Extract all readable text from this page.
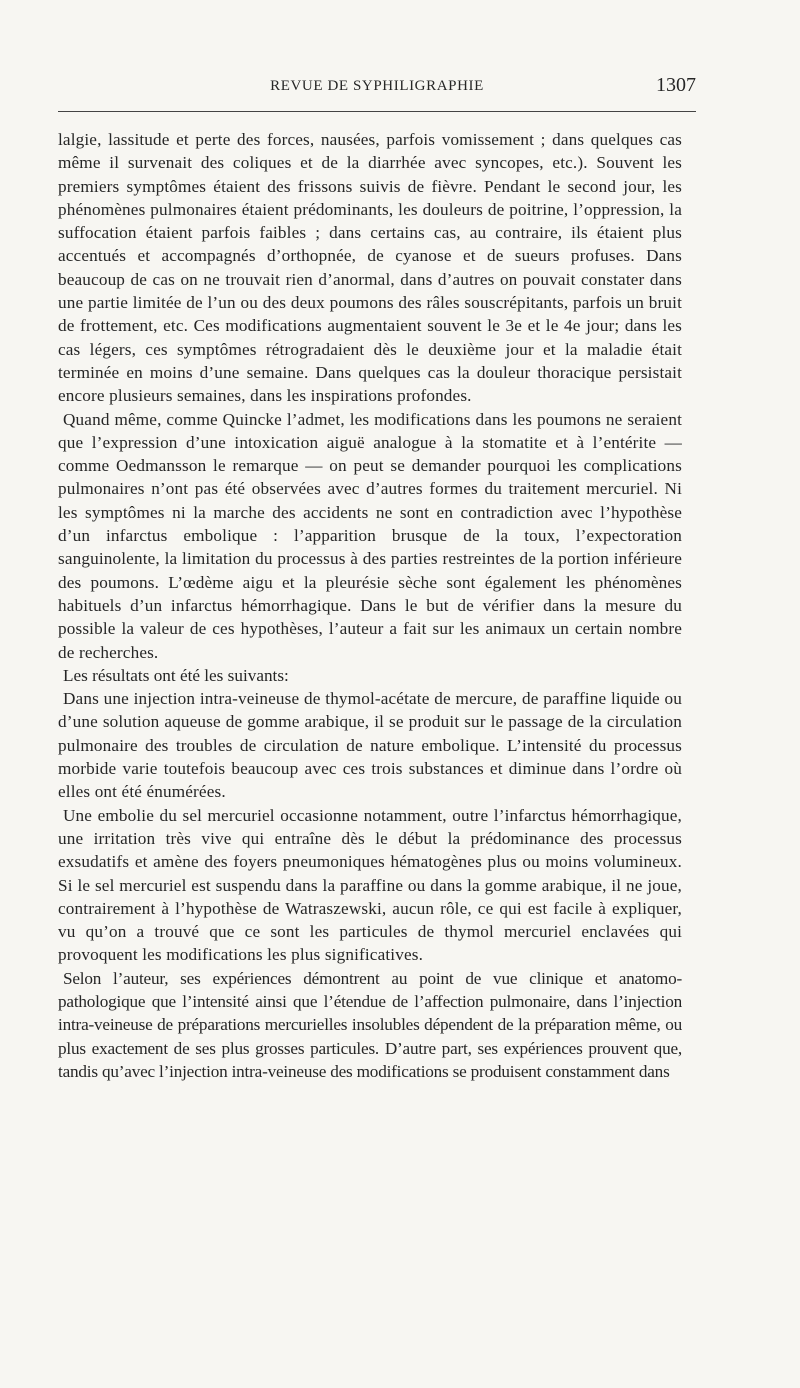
REVUE DE SYPHILIGRAPHIE	1307

lalgie, lassitude et perte des forces, nausées, parfois vomissement ; dans quelques cas même il survenait des coliques et de la diarrhée avec syncopes, etc.). Souvent les premiers symptômes étaient des frissons suivis de fièvre. Pendant le second jour, les phénomènes pulmonaires étaient prédominants, les douleurs de poitrine, l’oppression, la suffocation étaient parfois faibles ; dans certains cas, au contraire, ils étaient plus accentués et accompagnés d’orthopnée, de cyanose et de sueurs profuses. Dans beaucoup de cas on ne trouvait rien d’anormal, dans d’autres on pouvait constater dans une partie limitée de l’un ou des deux poumons des râles souscrépitants, parfois un bruit de frottement, etc. Ces modifications augmentaient souvent le 3e et le 4e jour; dans les cas légers, ces symptômes rétrogradaient dès le deuxième jour et la maladie était terminée en moins d’une semaine. Dans quelques cas la douleur thoracique persistait encore plusieurs semaines, dans les inspirations profondes.

Quand même, comme Quincke l’admet, les modifications dans les poumons ne seraient que l’expression d’une intoxication aiguë analogue à la stomatite et à l’entérite — comme Oedmansson le remarque — on peut se demander pourquoi les complications pulmonaires n’ont pas été observées avec d’autres formes du traitement mercuriel. Ni les symptômes ni la marche des accidents ne sont en contradiction avec l’hypothèse d’un infarctus embolique : l’apparition brusque de la toux, l’expectoration sanguinolente, la limitation du processus à des parties restreintes de la portion inférieure des poumons. L’œdème aigu et la pleurésie sèche sont également les phénomènes habituels d’un infarctus hémorrhagique. Dans le but de vérifier dans la mesure du possible la valeur de ces hypothèses, l’auteur a fait sur les animaux un certain nombre de recherches.

Les résultats ont été les suivants:

Dans une injection intra-veineuse de thymol-acétate de mercure, de paraffine liquide ou d’une solution aqueuse de gomme arabique, il se produit sur le passage de la circulation pulmonaire des troubles de circulation de nature embolique. L’intensité du processus morbide varie toutefois beaucoup avec ces trois substances et diminue dans l’ordre où elles ont été énumérées.

Une embolie du sel mercuriel occasionne notamment, outre l’infarctus hémorrhagique, une irritation très vive qui entraîne dès le début la prédominance des processus exsudatifs et amène des foyers pneumoniques hématogènes plus ou moins volumineux. Si le sel mercuriel est suspendu dans la paraffine ou dans la gomme arabique, il ne joue, contrairement à l’hypothèse de Watraszewski, aucun rôle, ce qui est facile à expliquer, vu qu’on a trouvé que ce sont les particules de thymol mercuriel enclavées qui provoquent les modifications les plus significatives.

Selon l’auteur, ses expériences démontrent au point de vue clinique et anatomo-pathologique que l’intensité ainsi que l’étendue de l’affection pulmonaire, dans l’injection intra-veineuse de préparations mercurielles insolubles dépendent de la préparation même, ou plus exactement de ses plus grosses particules. D’autre part, ses expériences prouvent que, tandis qu’avec l’injection intra-veineuse des modifications se produisent constamment dans
